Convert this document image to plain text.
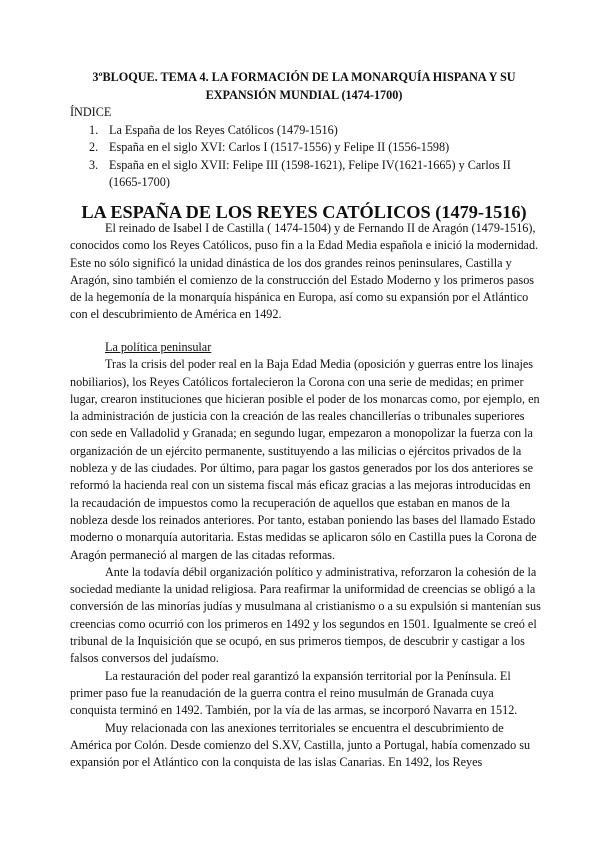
3ºBLOQUE. TEMA 4. LA FORMACIÓN DE LA MONARQUÍA HISPANA Y SU EXPANSIÓN MUNDIAL (1474-1700)
ÍNDICE
1. La España de los Reyes Católicos (1479-1516)
2. España en el siglo XVI: Carlos I (1517-1556) y Felipe II (1556-1598)
3. España en el siglo XVII: Felipe III (1598-1621), Felipe IV(1621-1665) y Carlos II (1665-1700)
LA ESPAÑA DE LOS REYES CATÓLICOS (1479-1516)

El reinado de Isabel I de Castilla ( 1474-1504) y de Fernando II de Aragón (1479-1516), conocidos como los Reyes Católicos, puso fin a la Edad Media española e inició la modernidad. Este no sólo significó la unidad dinástica de los dos grandes reinos peninsulares, Castilla y Aragón, sino también el comienzo de la construcción del Estado Moderno y los primeros pasos de la hegemonía de la monarquía hispánica en Europa, así como su expansión por el Atlántico con el descubrimiento de América en 1492.

La política peninsular

Tras la crisis del poder real en la Baja Edad Media (oposición y guerras entre los linajes nobiliarios), los Reyes Católicos fortalecieron la Corona con una serie de medidas; en primer lugar, crearon instituciones que hicieran posible el poder de los monarcas como, por ejemplo, en la administración de justicia con la creación de las reales chancillerías o tribunales superiores con sede en Valladolid y Granada; en segundo lugar, empezaron a monopolizar la fuerza con la organización de un ejército permanente, sustituyendo a las milicias o ejércitos privados de la nobleza y de las ciudades. Por último, para pagar los gastos generados por los dos anteriores se reformó la hacienda real con un sistema fiscal más eficaz gracias a las mejoras introducidas en la recaudación de impuestos como la recuperación de aquellos que estaban en manos de la nobleza desde los reinados anteriores. Por tanto, estaban poniendo las bases del llamado Estado moderno o monarquía autoritaria. Estas medidas se aplicaron sólo en Castilla pues la Corona de Aragón permaneció al margen de las citadas reformas.

Ante la todavía débil organización político y administrativa, reforzaron la cohesión de la sociedad mediante la unidad religiosa. Para reafirmar la uniformidad de creencias se obligó a la conversión de las minorías judías y musulmana al cristianismo o a su expulsión si mantenían sus creencias como ocurrió con los primeros en 1492 y los segundos en 1501. Igualmente se creó el tribunal de la Inquisición que se ocupó, en sus primeros tiempos, de descubrir y castigar a los falsos conversos del judaísmo.

La restauración del poder real garantizó la expansión territorial por la Península. El primer paso fue la reanudación de la guerra contra el reino musulmán de Granada cuya conquista terminó en 1492. También, por la vía de las armas, se incorporó Navarra en 1512.

Muy relacionada con las anexiones territoriales se encuentra el descubrimiento de América por Colón. Desde comienzo del S.XV, Castilla, junto a Portugal, había comenzado su expansión por el Atlántico con la conquista de las islas Canarias. En 1492, los Reyes
